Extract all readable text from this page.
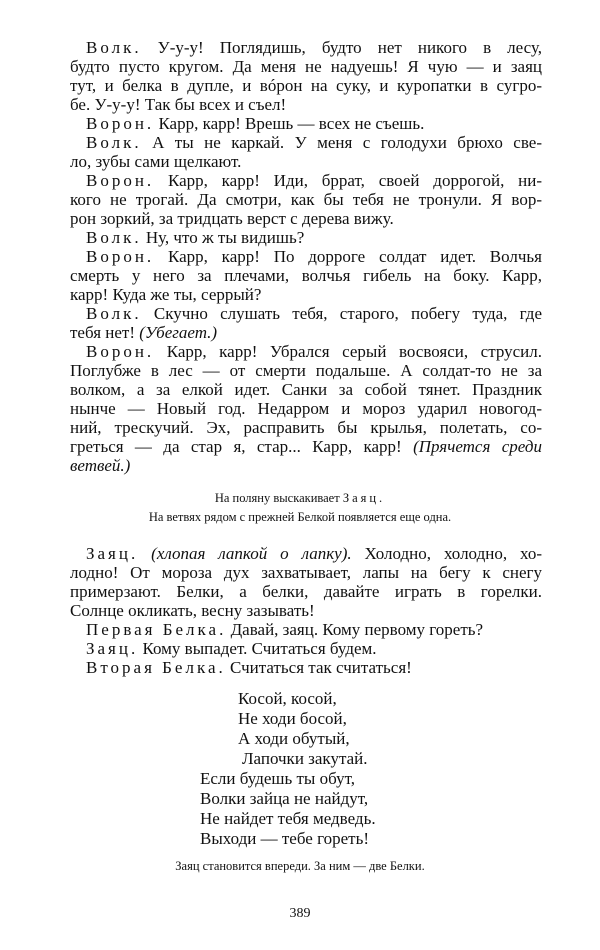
Волк. У-у-у! Поглядишь, будто нет никого в лесу,
будто пусто кругом. Да меня не надуешь! Я чую — и заяц
тут, и белка в дупле, и вóрон на суку, и куропатки в сугро-
бе. У-у-у! Так бы всех и съел!
Ворон. Карр, карр! Врешь — всех не съешь.
Волк. А ты не каркай. У меня с голодухи брюхо све-
ло, зубы сами щелкают.
Ворон. Карр, карр! Иди, бррат, своей доррогой, ни-
кого не трогай. Да смотри, как бы тебя не тронули. Я вор-
рон зоркий, за тридцать верст с дерева вижу.
Волк. Ну, что ж ты видишь?
Ворон. Карр, карр! По дорроге солдат идет. Волчья
смерть у него за плечами, волчья гибель на боку. Карр,
карр! Куда же ты, серрый?
Волк. Скучно слушать тебя, старого, побегу туда, где
тебя нет! (Убегает.)
Ворон. Карр, карр! Убрался серый восвояси, струсил.
Поглубже в лес — от смерти подальше. А солдат-то не за
волком, а за елкой идет. Санки за собой тянет. Праздник
нынче — Новый год. Недарром и мороз ударил новогод-
ний, трескучий. Эх, расправить бы крылья, полетать, со-
греться — да стар я, стар... Карр, карр! (Прячется среди
ветвей.)
На поляну выскакивает Заяц.
На ветвях рядом с прежней Белкой появляется еще одна.
Заяц. (хлопая лапкой о лапку). Холодно, холодно, хо-
лодно! От мороза дух захватывает, лапы на бегу к снегу
примерзают. Белки, а белки, давайте играть в горелки.
Солнце окликать, весну зазывать!
Первая Белка. Давай, заяц. Кому первому гореть?
Заяц. Кому выпадет. Считаться будем.
Вторая Белка. Считаться так считаться!
Косой, косой,
Не ходи босой,
А ходи обутый,
Лапочки закутай.
Если будешь ты обут,
Волки зайца не найдут,
Не найдет тебя медведь.
Выходи — тебе гореть!
Заяц становится впереди. За ним — две Белки.
389
